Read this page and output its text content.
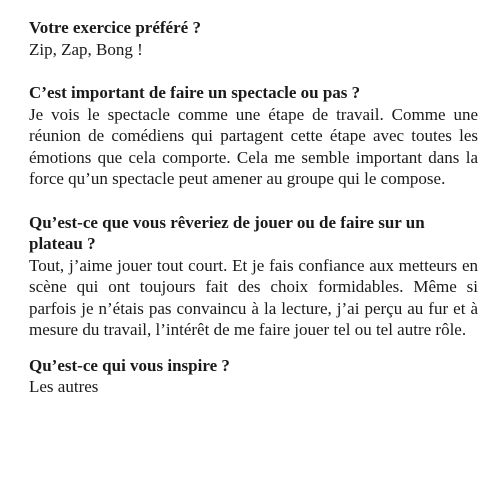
Votre exercice préféré ?

Zip, Zap, Bong !

C’est important de faire un spectacle ou pas ?

Je vois le spectacle comme une étape de travail. Comme une réunion de comédiens qui partagent cette étape avec toutes les émotions que cela comporte. Cela me semble important dans la force qu’un spectacle peut amener au groupe qui le compose.

Qu’est-ce que vous rêveriez de jouer ou de faire sur un plateau ?

Tout, j’aime jouer tout court. Et je fais confiance aux metteurs en scène qui ont toujours fait des choix formidables. Même si parfois je n’étais pas convaincu à la lecture, j’ai perçu au fur et à mesure du travail, l’intérêt de me faire jouer tel ou tel autre rôle.

Qu’est-ce qui vous inspire ?

Les autres
